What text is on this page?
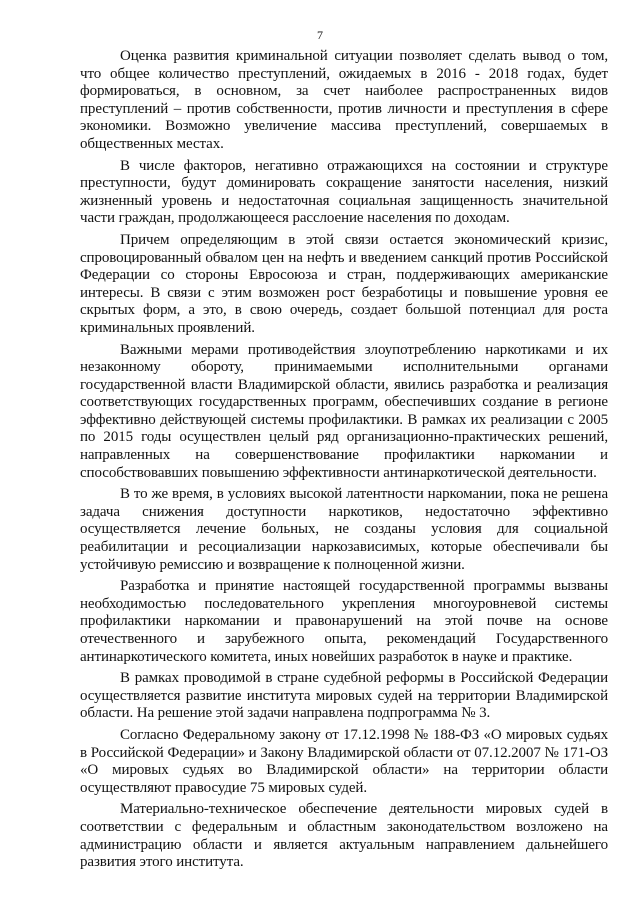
7

Оценка развития криминальной ситуации позволяет сделать вывод о том, что общее количество преступлений, ожидаемых в 2016 - 2018 годах, будет формироваться, в основном, за счет наиболее распространенных видов преступлений – против собственности, против личности и преступления в сфере экономики. Возможно увеличение массива преступлений, совершаемых в общественных местах.

В числе факторов, негативно отражающихся на состоянии и структуре преступности, будут доминировать сокращение занятости населения, низкий жизненный уровень и недостаточная социальная защищенность значительной части граждан, продолжающееся расслоение населения по доходам.

Причем определяющим в этой связи остается экономический кризис, спровоцированный обвалом цен на нефть и введением санкций против Российской Федерации со стороны Евросоюза и стран, поддерживающих американские интересы. В связи с этим возможен рост безработицы и повышение уровня ее скрытых форм, а это, в свою очередь, создает большой потенциал для роста криминальных проявлений.

Важными мерами противодействия злоупотреблению наркотиками и их незаконному обороту, принимаемыми исполнительными органами государственной власти Владимирской области, явились разработка и реализация соответствующих государственных программ, обеспечивших создание в регионе эффективно действующей системы профилактики. В рамках их реализации с 2005 по 2015 годы осуществлен целый ряд организационно-практических решений, направленных на совершенствование профилактики наркомании и способствовавших повышению эффективности антинаркотической деятельности.

В то же время, в условиях высокой латентности наркомании, пока не решена задача снижения доступности наркотиков, недостаточно эффективно осуществляется лечение больных, не созданы условия для социальной реабилитации и ресоциализации наркозависимых, которые обеспечивали бы устойчивую ремиссию и возвращение к полноценной жизни.

Разработка и принятие настоящей государственной программы вызваны необходимостью последовательного укрепления многоуровневой системы профилактики наркомании и правонарушений на этой почве на основе отечественного и зарубежного опыта, рекомендаций Государственного антинаркотического комитета, иных новейших разработок в науке и практике.

В рамках проводимой в стране судебной реформы в Российской Федерации осуществляется развитие института мировых судей на территории Владимирской области. На решение этой задачи направлена подпрограмма № 3.

Согласно Федеральному закону от 17.12.1998 № 188-ФЗ «О мировых судьях в Российской Федерации» и Закону Владимирской области от 07.12.2007 № 171-ОЗ «О мировых судьях во Владимирской области» на территории области осуществляют правосудие 75 мировых судей.

Материально-техническое обеспечение деятельности мировых судей в соответствии с федеральным и областным законодательством возложено на администрацию области и является актуальным направлением дальнейшего развития этого института.
